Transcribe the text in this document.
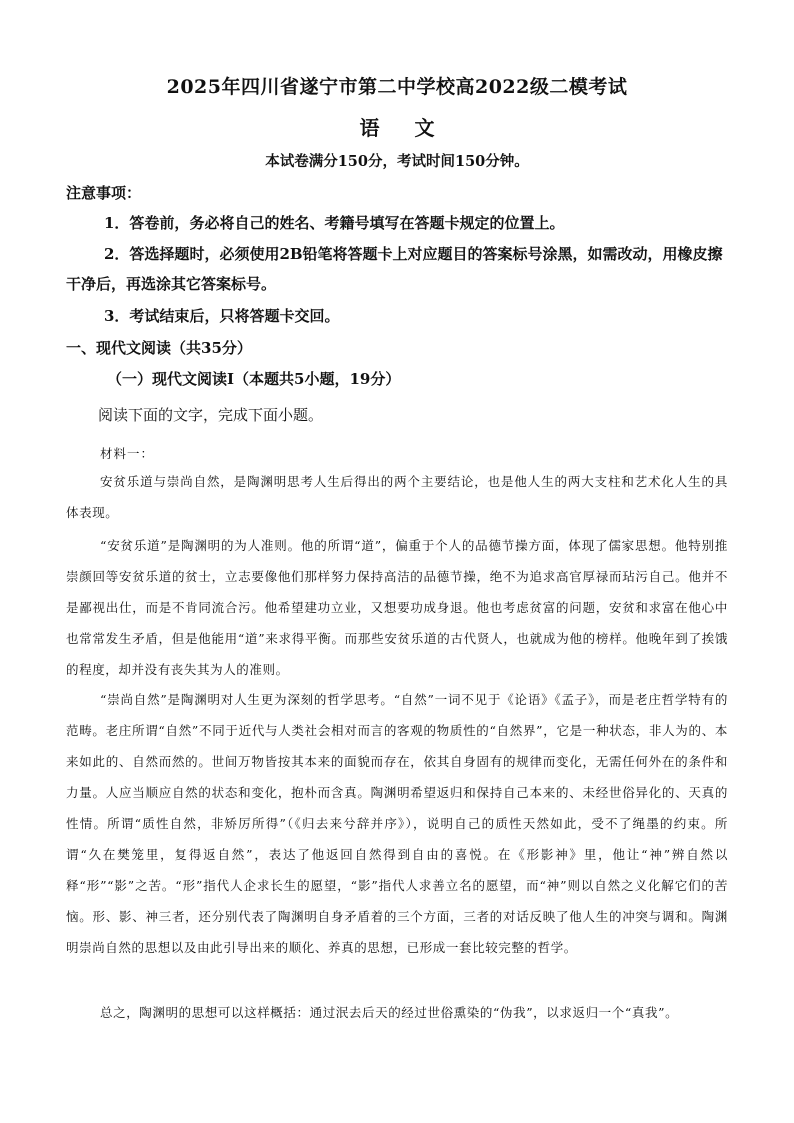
2025年四川省遂宁市第二中学校高2022级二模考试
语 文
本试卷满分150分，考试时间150分钟。
注意事项：
1．答卷前，务必将自己的姓名、考籍号填写在答题卡规定的位置上。
2．答选择题时，必须使用2B铅笔将答题卡上对应题目的答案标号涂黑，如需改动，用橡皮擦干净后，再选涂其它答案标号。
3．考试结束后，只将答题卡交回。
一、现代文阅读（共35分）
（一）现代文阅读Ⅰ（本题共5小题，19分）
阅读下面的文字，完成下面小题。
材料一：
安贫乐道与崇尚自然，是陶渊明思考人生后得出的两个主要结论，也是他人生的两大支柱和艺术化人生的具体表现。
“安贫乐道”是陶渊明的为人准则。他的所谓“道”，偏重于个人的品德节操方面，体现了儒家思想。他特别推崇颜回等安贫乐道的贫士，立志要像他们那样努力保持高洁的品德节操，绝不为追求高官厚禄而玷污自己。他并不是鄙视出仕，而是不肯同流合污。他希望建功立业，又想要功成身退。他也考虑贫富的问题，安贫和求富在他心中也常常发生矛盾，但是他能用“道”来求得平衡。而那些安贫乐道的古代贤人，也就成为他的榜样。他晚年到了挨饿的程度，却并没有丧失其为人的准则。
“崇尚自然”是陶渊明对人生更为深刻的哲学思考。“自然”一词不见于《论语》《孟子》，而是老庄哲学特有的范畴。老庄所谓“自然”不同于近代与人类社会相对而言的客观的物质性的“自然界”，它是一种状态，非人为的、本来如此的、自然而然的。世间万物皆按其本来的面貌而存在，依其自身固有的规律而变化，无需任何外在的条件和力量。人应当顺应自然的状态和变化，抱朴而含真。陶渊明希望返归和保持自己本来的、未经世俗异化的、天真的性情。所谓“质性自然，非矫厉所得”（《归去来兮辞并序》），说明自己的质性天然如此，受不了绳墨的约束。所谓“久在樊笼里，复得返自然”，表达了他返回自然得到自由的喜悦。在《形影神》里，他让“神”辨自然以释“形”“影”之苦。“形”指代人企求长生的愿望，“影”指代人求善立名的愿望，而“神”则以自然之义化解它们的苦恼。形、影、神三者，还分别代表了陶渊明自身矛盾着的三个方面，三者的对话反映了他人生的冲突与调和。陶渊明崇尚自然的思想以及由此引导出来的顺化、养真的思想，已形成一套比较完整的哲学。
总之，陶渊明的思想可以这样概括：通过泯去后天的经过世俗熏染的“伪我”，以求返归一个“真我”。
